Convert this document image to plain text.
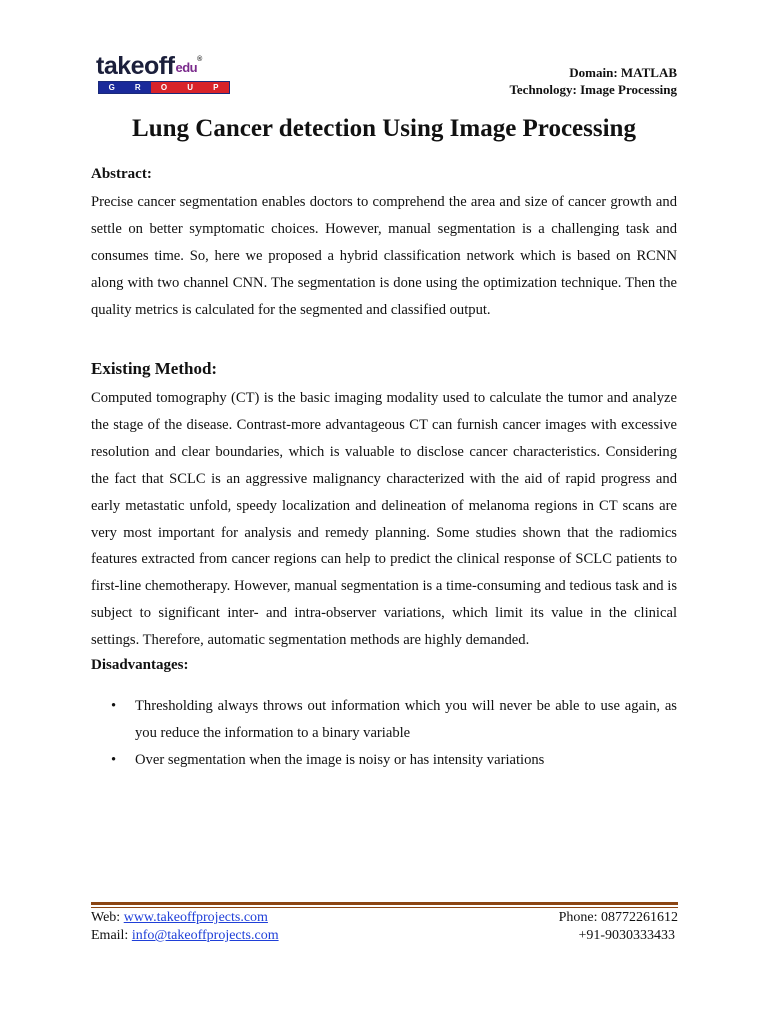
takeoffedu®
G R O U P
Domain: MATLAB
Technology: Image Processing
Lung Cancer detection Using Image Processing
Abstract:

Precise cancer segmentation enables doctors to comprehend the area and size of cancer growth and settle on better symptomatic choices. However, manual segmentation is a challenging task and consumes time. So, here we proposed a hybrid classification network which is based on RCNN along with two channel CNN. The segmentation is done using the optimization technique. Then the quality metrics is calculated for the segmented and classified output.

Existing Method:

Computed tomography (CT) is the basic imaging modality used to calculate the tumor and analyze the stage of the disease. Contrast-more advantageous CT can furnish cancer images with excessive resolution and clear boundaries, which is valuable to disclose cancer characteristics. Considering the fact that SCLC is an aggressive malignancy characterized with the aid of rapid progress and early metastatic unfold, speedy localization and delineation of melanoma regions in CT scans are very most important for analysis and remedy planning. Some studies shown that the radiomics features extracted from cancer regions can help to predict the clinical response of SCLC patients to first-line chemotherapy. However, manual segmentation is a time-consuming and tedious task and is subject to significant inter- and intra-observer variations, which limit its value in the clinical settings. Therefore, automatic segmentation methods are highly demanded.

Disadvantages:
• Thresholding always throws out information which you will never be able to use again, as you reduce the information to a binary variable
• Over segmentation when the image is noisy or has intensity variations
Web: www.takeoffprojects.com	Phone: 08772261612
Email: info@takeoffprojects.com	+91-9030333433
